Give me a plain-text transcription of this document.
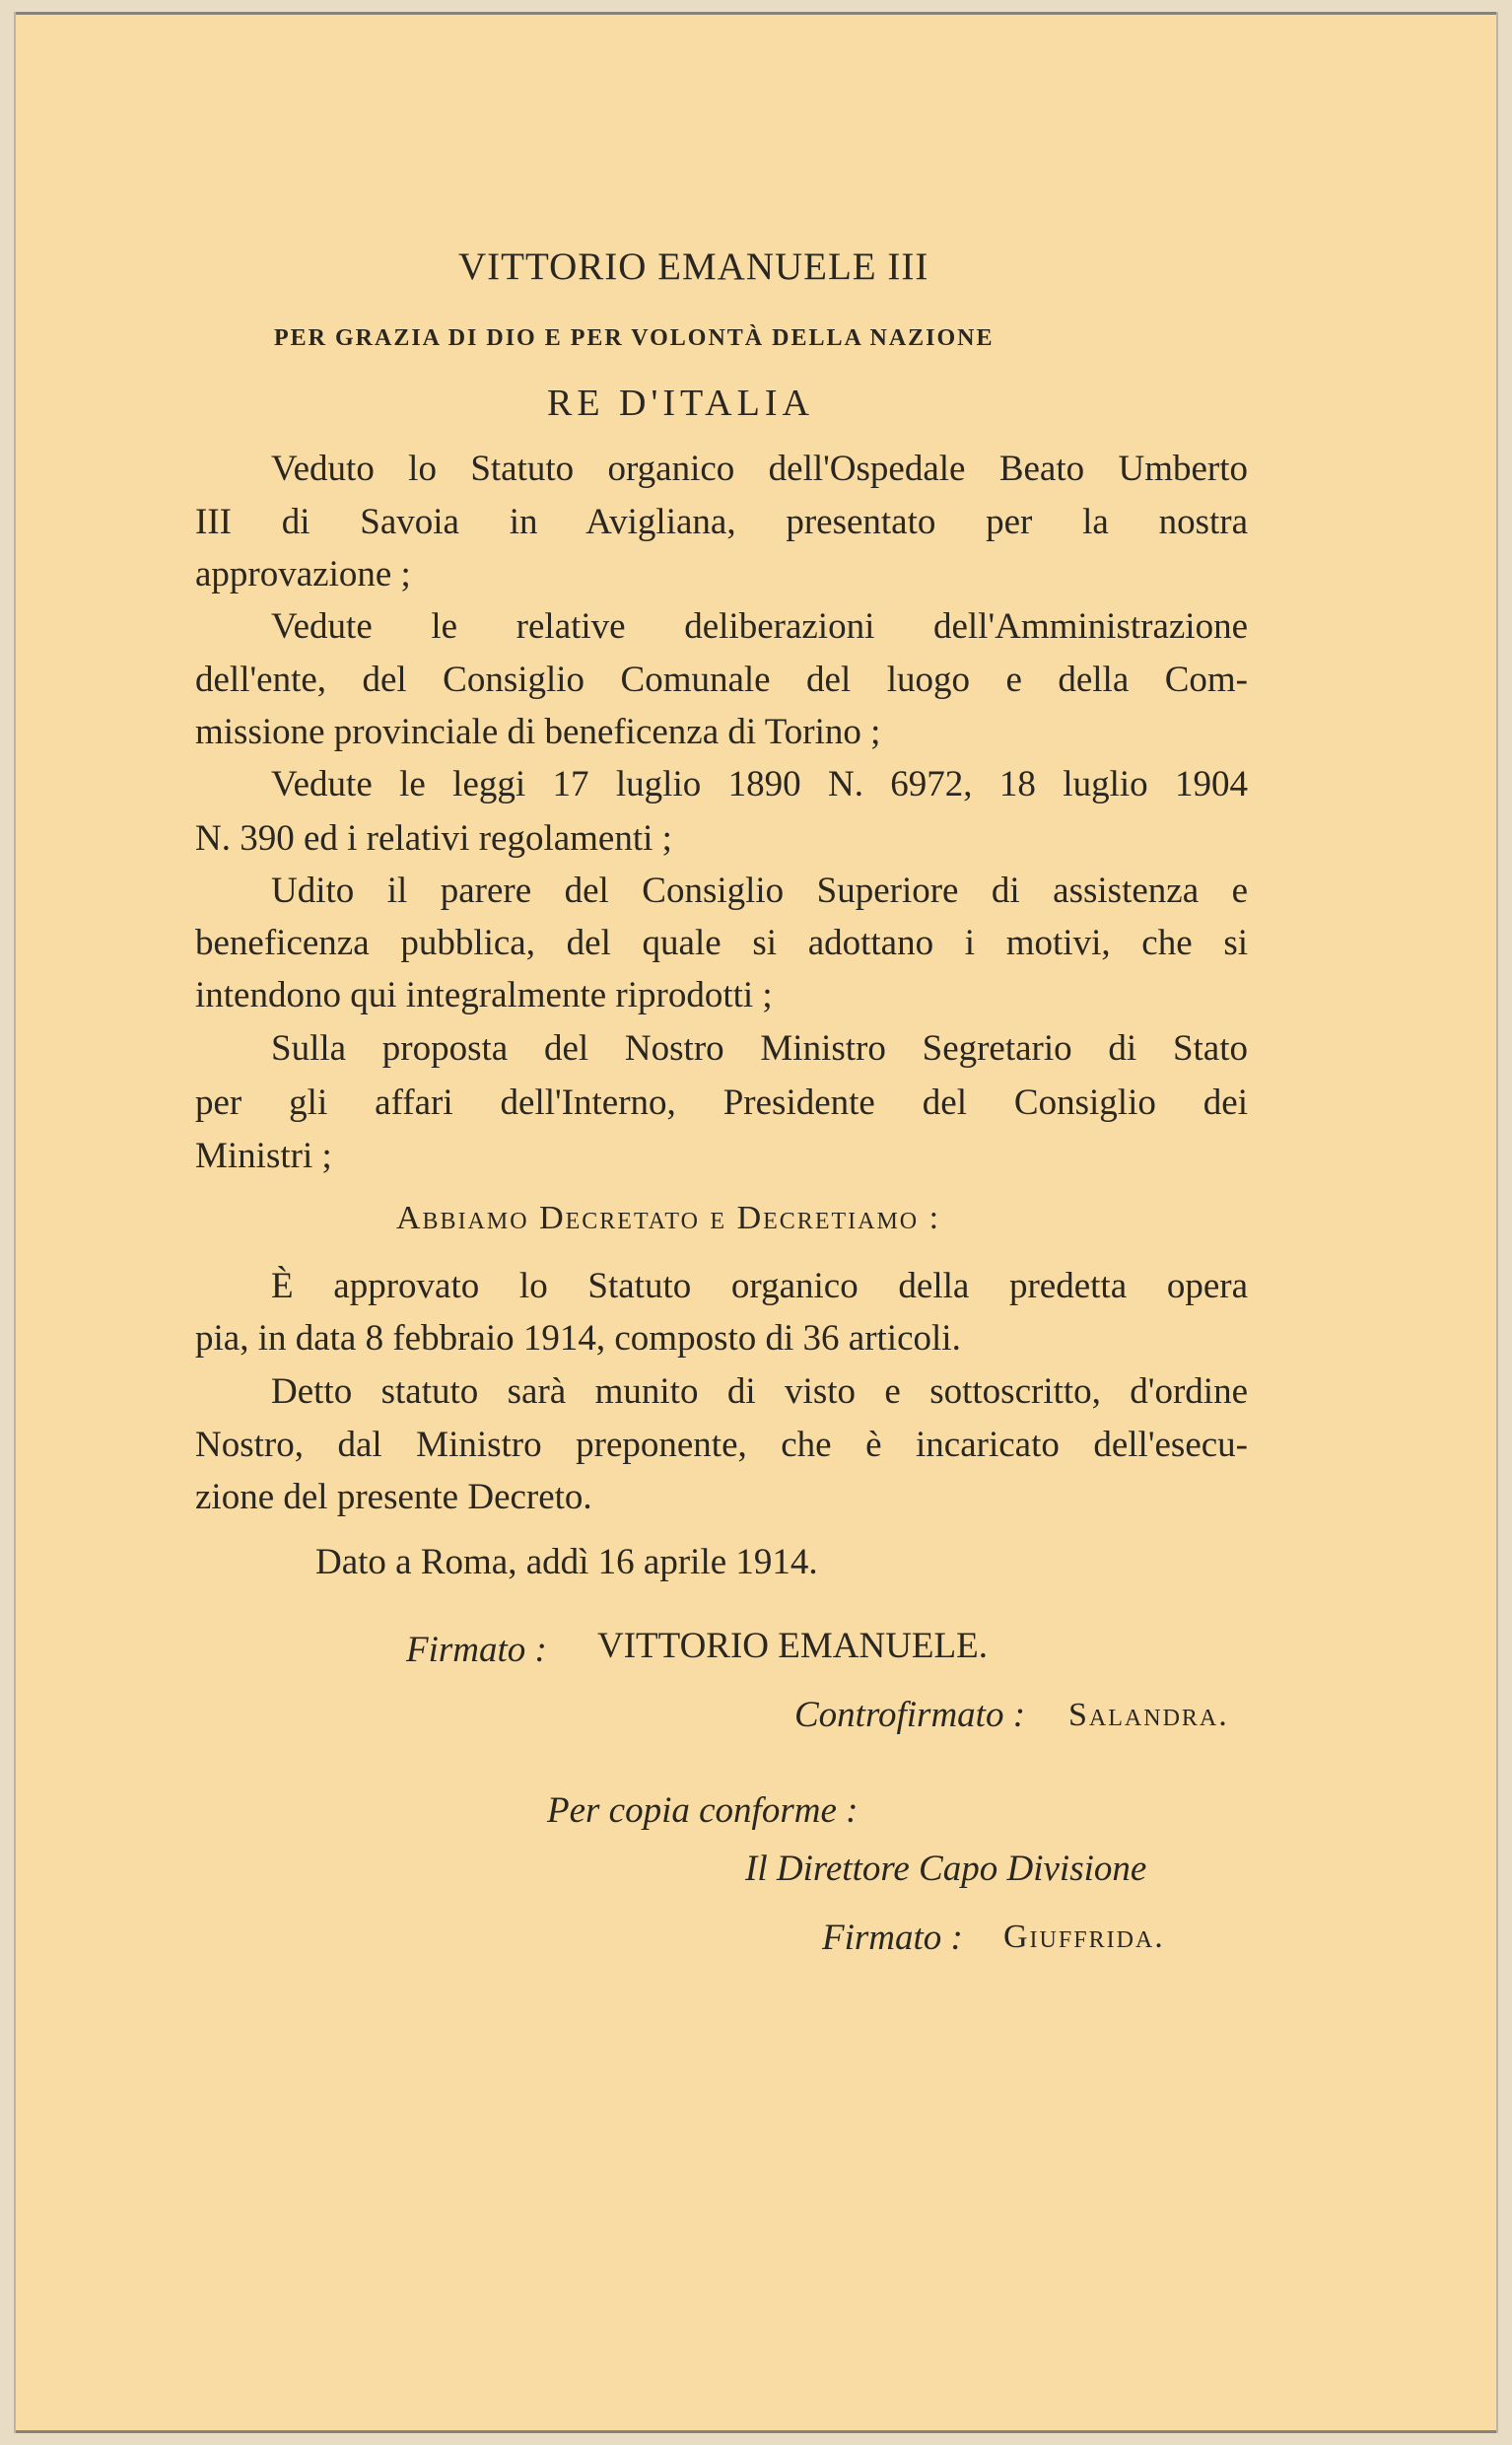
VITTORIO EMANUELE III
PER GRAZIA DI DIO E PER VOLONTÀ DELLA NAZIONE
RE D'ITALIA
Veduto lo Statuto organico dell'Ospedale Beato Umberto
III di Savoia in Avigliana, presentato per la nostra
approvazione ;
Vedute le relative deliberazioni dell'Amministrazione
dell'ente, del Consiglio Comunale del luogo e della Com-
missione provinciale di beneficenza di Torino ;
Vedute le leggi 17 luglio 1890 N. 6972, 18 luglio 1904
N. 390 ed i relativi regolamenti ;
Udito il parere del Consiglio Superiore di assistenza e
beneficenza pubblica, del quale si adottano i motivi, che si
intendono qui integralmente riprodotti ;
Sulla proposta del Nostro Ministro Segretario di Stato
per gli affari dell'Interno, Presidente del Consiglio dei
Ministri ;
Abbiamo Decretato e Decretiamo :
È approvato lo Statuto organico della predetta opera
pia, in data 8 febbraio 1914, composto di 36 articoli.
Detto statuto sarà munito di visto e sottoscritto, d'ordine
Nostro, dal Ministro preponente, che è incaricato dell'esecu-
zione del presente Decreto.
Dato a Roma, addì 16 aprile 1914.
Firmato : VITTORIO EMANUELE.
Controfirmato : Salandra.
Per copia conforme :
Il Direttore Capo Divisione
Firmato : Giuffrida.
